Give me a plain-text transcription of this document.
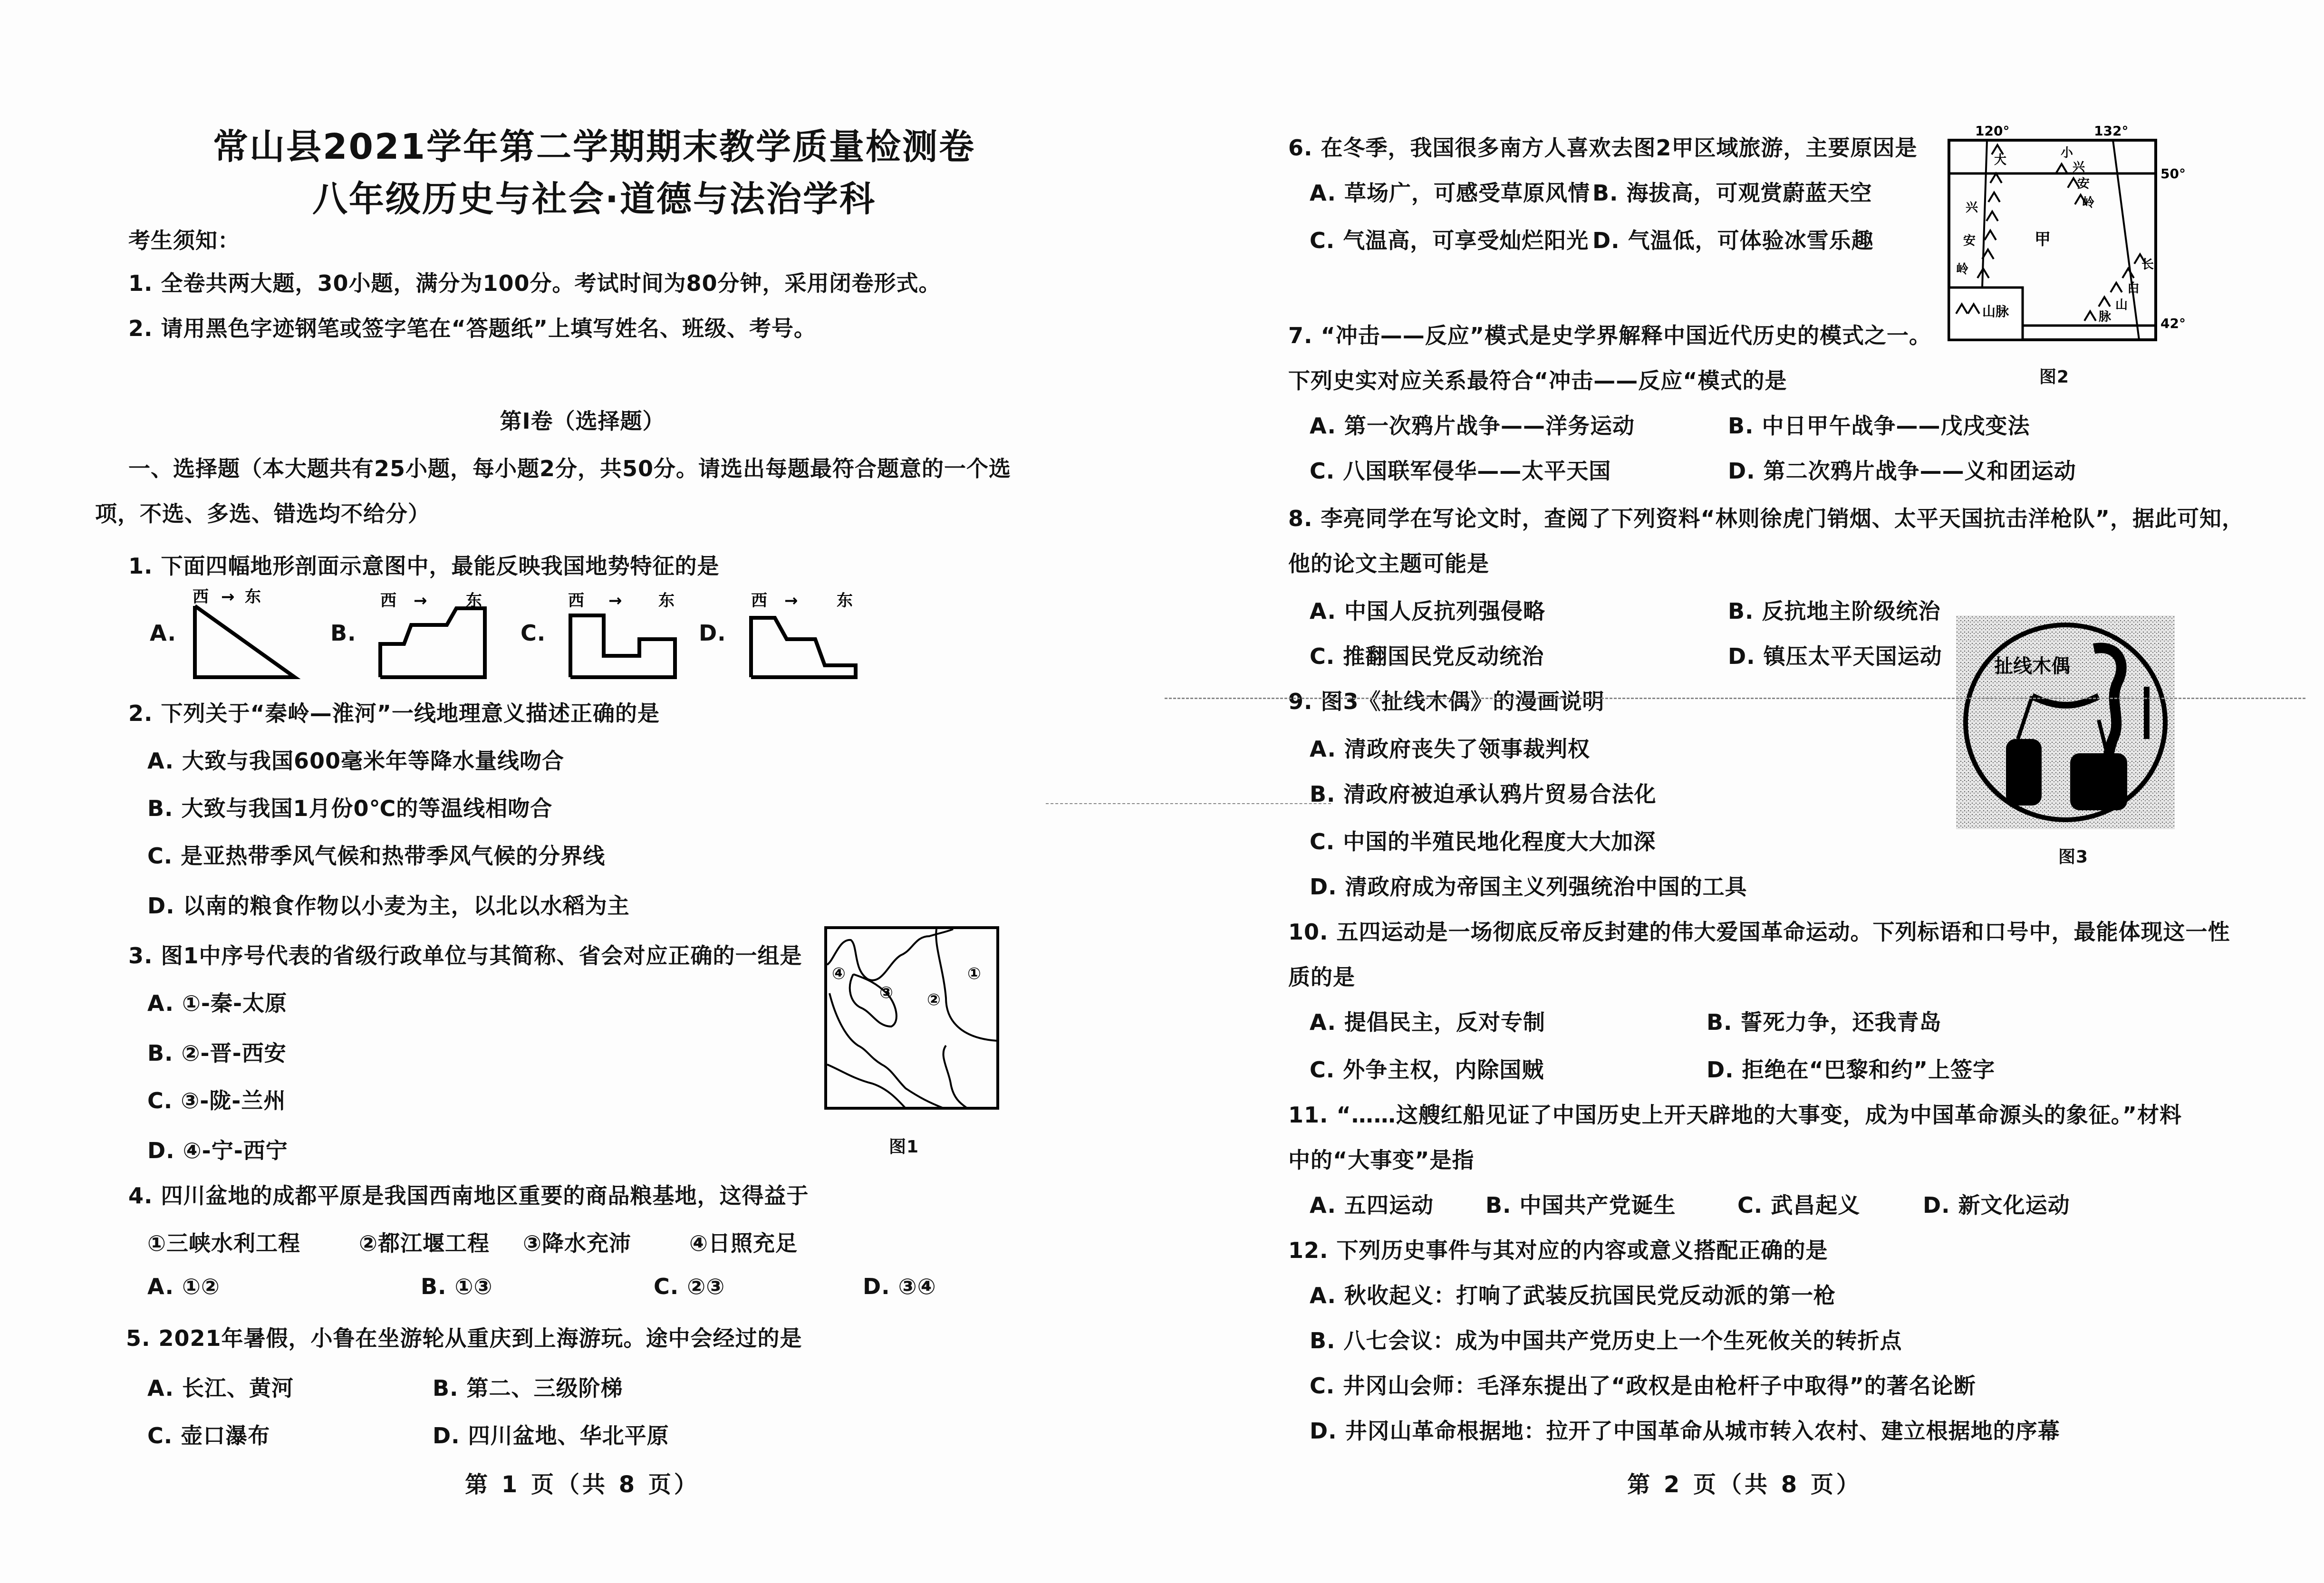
常山县2021学年第二学期期末教学质量检测卷
八年级历史与社会·道德与法治学科
考生须知：
1. 全卷共两大题，30小题，满分为100分。考试时间为80分钟，采用闭卷形式。
2. 请用黑色字迹钢笔或签字笔在“答题纸”上填写姓名、班级、考号。
第Ⅰ卷（选择题）
一、选择题（本大题共有25小题，每小题2分，共50分。请选出每题最符合题意的一个选
项，不选、多选、错选均不给分）
1. 下面四幅地形剖面示意图中，最能反映我国地势特征的是
A.
西 → 东
B.
西 → 东
C.
西 → 东
D.
西 → 东
2. 下列关于“秦岭—淮河”一线地理意义描述正确的是
A. 大致与我国600毫米年等降水量线吻合
B. 大致与我国1月份0℃的等温线相吻合
C. 是亚热带季风气候和热带季风气候的分界线
D. 以南的粮食作物以小麦为主，以北以水稻为主
3. 图1中序号代表的省级行政单位与其简称、省会对应正确的一组是
A. ①-秦-太原
B. ②-晋-西安
C. ③-陇-兰州
D. ④-宁-西宁
①
②
③
④
图1
4. 四川盆地的成都平原是我国西南地区重要的商品粮基地，这得益于
①三峡水利工程	②都江堰工程 ③降水充沛	④日照充足
A. ①②	B. ①③	C. ②③	D. ③④
5. 2021年暑假，小鲁在坐游轮从重庆到上海游玩。途中会经过的是
A. 长江、黄河	B. 第二、三级阶梯
C. 壶口瀑布	D. 四川盆地、华北平原
第 1 页（共 8 页）
6. 在冬季，我国很多南方人喜欢去图2甲区域旅游，主要原因是
A. 草场广，可感受草原风情 B. 海拔高，可观赏蔚蓝天空
C. 气温高，可享受灿烂阳光 D. 气温低，可体验冰雪乐趣
120°	132°
50°
42°
甲
大
兴
安
岭
小
兴
安
岭
长
白
山
脉
山脉
图2
7. “冲击——反应”模式是史学界解释中国近代历史的模式之一。
下列史实对应关系最符合“冲击——反应“模式的是
A. 第一次鸦片战争——洋务运动	B. 中日甲午战争——戊戌变法
C. 八国联军侵华——太平天国	D. 第二次鸦片战争——义和团运动
8. 李亮同学在写论文时，查阅了下列资料“林则徐虎门销烟、太平天国抗击洋枪队”，据此可知，
他的论文主题可能是
A. 中国人反抗列强侵略	B. 反抗地主阶级统治
C. 推翻国民党反动统治	D. 镇压太平天国运动	扯线木偶
图3
9. 图3《扯线木偶》的漫画说明
A. 清政府丧失了领事裁判权
B. 清政府被迫承认鸦片贸易合法化
C. 中国的半殖民地化程度大大加深
D. 清政府成为帝国主义列强统治中国的工具
10. 五四运动是一场彻底反帝反封建的伟大爱国革命运动。下列标语和口号中，最能体现这一性
质的是
A. 提倡民主，反对专制	B. 誓死力争，还我青岛
C. 外争主权，内除国贼	D. 拒绝在“巴黎和约”上签字
11. “……这艘红船见证了中国历史上开天辟地的大事变，成为中国革命源头的象征。”材料
中的“大事变”是指
A. 五四运动 B. 中国共产党诞生	C. 武昌起义	D. 新文化运动
12. 下列历史事件与其对应的内容或意义搭配正确的是
A. 秋收起义：打响了武装反抗国民党反动派的第一枪
B. 八七会议：成为中国共产党历史上一个生死攸关的转折点
C. 井冈山会师：毛泽东提出了“政权是由枪杆子中取得”的著名论断
D. 井冈山革命根据地：拉开了中国革命从城市转入农村、建立根据地的序幕
第 2 页（共 8 页）
